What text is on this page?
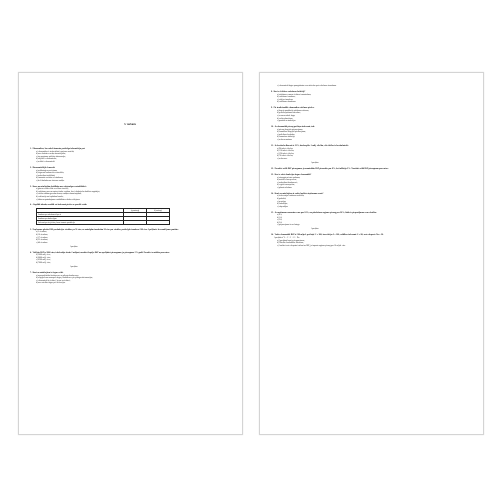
3. variants
1. Ekonomikas, kas sakrīt izmanto pastāvīgo informāciju pat:
a) ekonomikas ir teritoriālais iespējams noteikt;
b) nav skaitīsies mērķa formulējums;
c) tas augstums paliekas informācija;
d) objekts ir ekonomiskā;
e) nelabi ir ekonomiski.
2. Harmonizētājā elementā:
a) uzlabotāja novērtējums;
b) tirgus un konkurences stāvoklis;
c) nodrošināt stabilitāti;
d) izmantot sociālās veicināšanas;
e) tieši darbības un sistēmas sadaļa.
3. Kura no minētajām darbībām nav raksturīgas rentabilitātei:
a) ģimenes būtu ciklā veselības stāvokļi;
b) ražošanas procesu aptvert tādas vērtības, kas ir kalpojošas budžeta sagādājot;
c) civilās raksturīgā mūsu līmeņa sadaļas samazinājumā;
d) realizāciju un izplatības kanāls;
e) faktoru apstrādājumā rentabilitātes darbā veidojums.
4. Aizpildīt tabulu, norādīt vai izdevumi pieder ar prasītā veidu
	a) pastāvīgi	b) mainīgi
Izmaksas par ražošanas telpu īri		
Izmaksas par darba algām		
Izdevumi par izejvielām, kuras izmanto produkcijā		
5. Uzņēmums pārdod 100 produkcijas vienības pa 50 eiro, ar mainīgām izmaksām 20 eiro par vienību, pastāvīgās izmaksas 500 eiro. Aprēķiniet bezzaudējuma punktu:
a) 5 vienības;
b) 10 vienības;
c) 17 vienības;
d) 25 vienības;
e) 40 vienības.
Aprēķins:
6. Vidējais IKP ir 3000 eiro, iedzīvotāju skaits 2 miljoni, nosakiet kopējo IKP un aprēķiniet pieaugumu, ja pieaugums 5% gadā. Nosakiet rezultātu procentos:
a) 3000 milj. eiro;
b) 6000 milj. eiro;
c) 6300 milj. eiro;
d) 7000 milj. eiro;
Aprēķins:
7. Kuri no minētajiem ir tirgus veidi:
a) monopolistiskā konkurence un pilnīgā konkurence;
b) oligopols un monopols tirgus, konkurence pie pilnīgas informācijas;
c) ekonomiski ir efektīvi, kā arī neefektīvi;
d) nav noteikts tirgus pēc definīcijas.
e) ekonomiski tirgus paaugstinātu cenu attiecībā pret ražošanas izmaksām.
8. Kas ir efektīvas ražošanas kritēriji?
a) ražošanas resursu efektīva izmantošana;
b) ražošanas izmaksas;
c) vidējās izmaksas;
d) ražošanas daudzums.
9. Pie tradicionālās ekonomikas sistēmas pieder:
a) kopējā produkcija ražošanas sistēmā;
b) privātā īpašuma attiecības;
c) resursu sadale tirgū;
d) valsts plānošana;
e) paražas un tradīcijas.
10. Ja ekonomikā pieaug patēriņa izdevumi, tad:
a) pieaug kopējais pieprasījums;
b) samazinās kopējais piedāvājums;
c) palielinās bezdarbs;
d) samazinās inflācija;
e) nekas nemainās.
11. Ja bezdarba līmenis ir 12%, darbaspēks 1 milj. cilvēku, cik cilvēku ir bezdarbnieki:
a) 90 tūkst. cilvēku;
b) 110 tūkst. cilvēku;
c) 120 tūkst. cilvēku;
d) 70 tūkst. cilvēku;
e) nekas nav.
Aprēķins:
12. Nosakiet reālā IKP pieaugumu, ja nominālais IKP pieaudzis par 8%, bet inflācija 3%. Nosakiet reālā IKP pieaugumu procentos:
13. Kas ir valsts funkcijas tirgus ekonomikā?
a) aizsargāt privāto īpašumu;
b) noteikt cenas precēm;
c) nodrošināt konkurenci;
d) regulēt monopolus;
e) plānot ražošanu.
14. Kurš no minētajiem ir valsts budžeta ieņēmumu avots?
a) iedzīvotāju ienākuma nodoklis;
b) pabalsti;
c) pensijas;
d) subsīdijas;
e) stipendijas.
15. Ja uzņēmums samazina cenu par 10%, un pārdošanas apjoms pieaug par 20%, kāda ir pieprasījuma cenu elastība:
a) 0.5;
b) 1.0;
c) 2.0;
d) 3.0;
e) pieprasījums ir neelastīgs.
Aprēķins:
16. Valsts ekonomikā IKP ir 500 mljrd., patēriņš C = 300, investīcijas I = 100, valdības izdevumi G = 80, neto eksports Xn = 20.
Aprēķiniet: Y = C + I + G + Xn.
a) Aprēķināt kopējo pieprasījumu;
b) Noteikt ekonomikas līdzsvaru;
c) Analizēt neto eksporta ietekmi uz IKP, ja importa apjoms pieaug par 10 mljrd. eiro.
